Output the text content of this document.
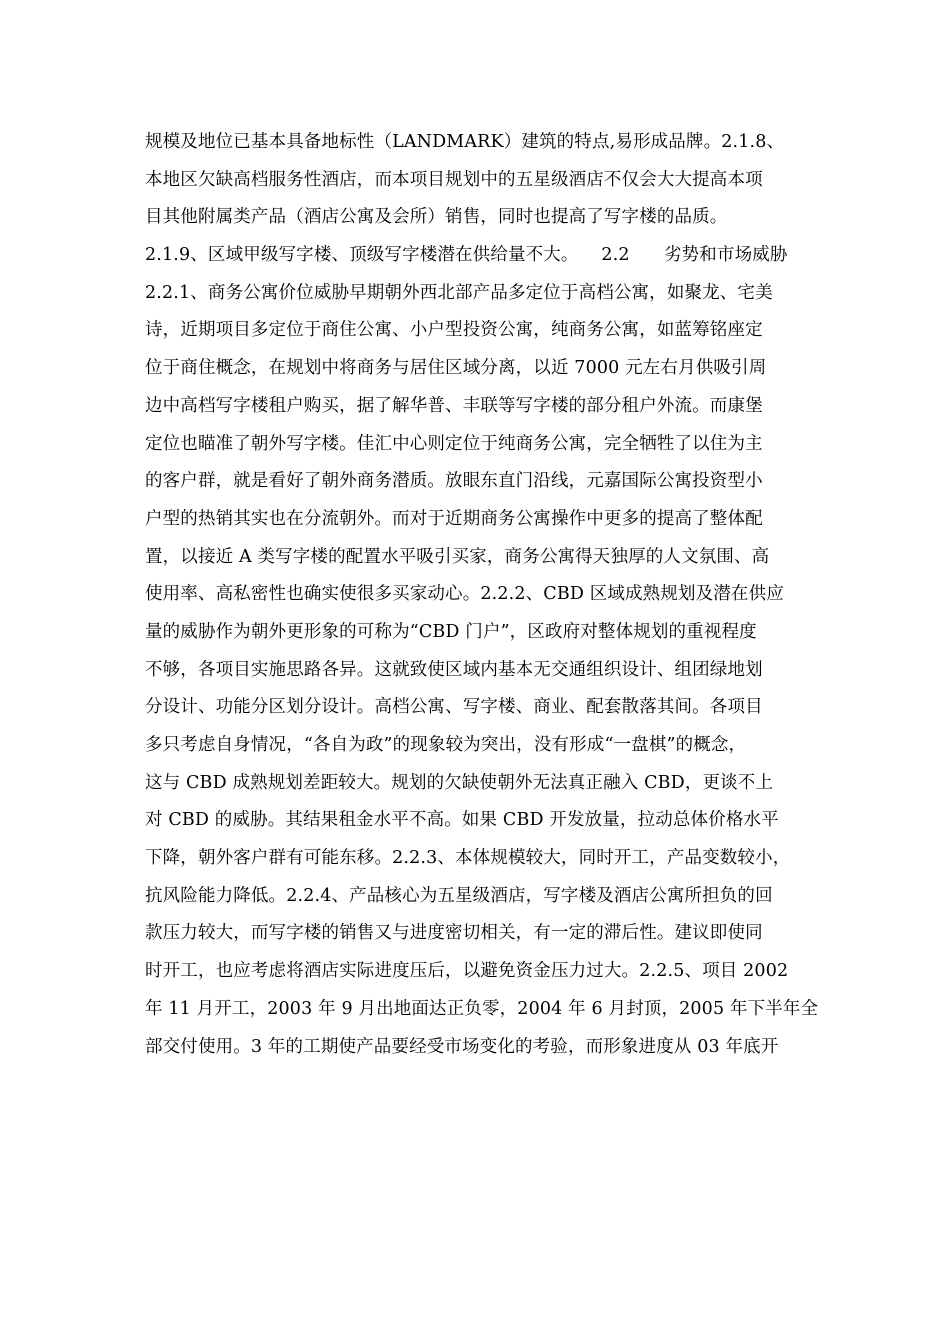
规模及地位已基本具备地标性（LANDMARK）建筑的特点,易形成品牌。2.1.8、
本地区欠缺高档服务性酒店，而本项目规划中的五星级酒店不仅会大大提高本项
目其他附属类产品（酒店公寓及会所）销售，同时也提高了写字楼的品质。
2.1.9、区域甲级写字楼、顶级写字楼潜在供给量不大。    2.2      劣势和市场威胁
2.2.1、商务公寓价位威胁早期朝外西北部产品多定位于高档公寓，如聚龙、宅美
诗，近期项目多定位于商住公寓、小户型投资公寓，纯商务公寓，如蓝筹铭座定
位于商住概念，在规划中将商务与居住区域分离，以近 7000 元左右月供吸引周
边中高档写字楼租户购买，据了解华普、丰联等写字楼的部分租户外流。而康堡
定位也瞄准了朝外写字楼。佳汇中心则定位于纯商务公寓，完全牺牲了以住为主
的客户群，就是看好了朝外商务潜质。放眼东直门沿线，元嘉国际公寓投资型小
户型的热销其实也在分流朝外。而对于近期商务公寓操作中更多的提高了整体配
置，以接近 A 类写字楼的配置水平吸引买家，商务公寓得天独厚的人文氛围、高
使用率、高私密性也确实使很多买家动心。2.2.2、CBD 区域成熟规划及潜在供应
量的威胁作为朝外更形象的可称为“CBD 门户”，区政府对整体规划的重视程度
不够，各项目实施思路各异。这就致使区域内基本无交通组织设计、组团绿地划
分设计、功能分区划分设计。高档公寓、写字楼、商业、配套散落其间。各项目
多只考虑自身情况，“各自为政”的现象较为突出，没有形成“一盘棋”的概念，
这与 CBD 成熟规划差距较大。规划的欠缺使朝外无法真正融入 CBD，更谈不上
对 CBD 的威胁。其结果租金水平不高。如果 CBD 开发放量，拉动总体价格水平
下降，朝外客户群有可能东移。2.2.3、本体规模较大，同时开工，产品变数较小，
抗风险能力降低。2.2.4、产品核心为五星级酒店，写字楼及酒店公寓所担负的回
款压力较大，而写字楼的销售又与进度密切相关，有一定的滞后性。建议即使同
时开工，也应考虑将酒店实际进度压后，以避免资金压力过大。2.2.5、项目 2002
年 11 月开工，2003 年 9 月出地面达正负零，2004 年 6 月封顶，2005 年下半年全
部交付使用。3 年的工期使产品要经受市场变化的考验，而形象进度从 03 年底开
